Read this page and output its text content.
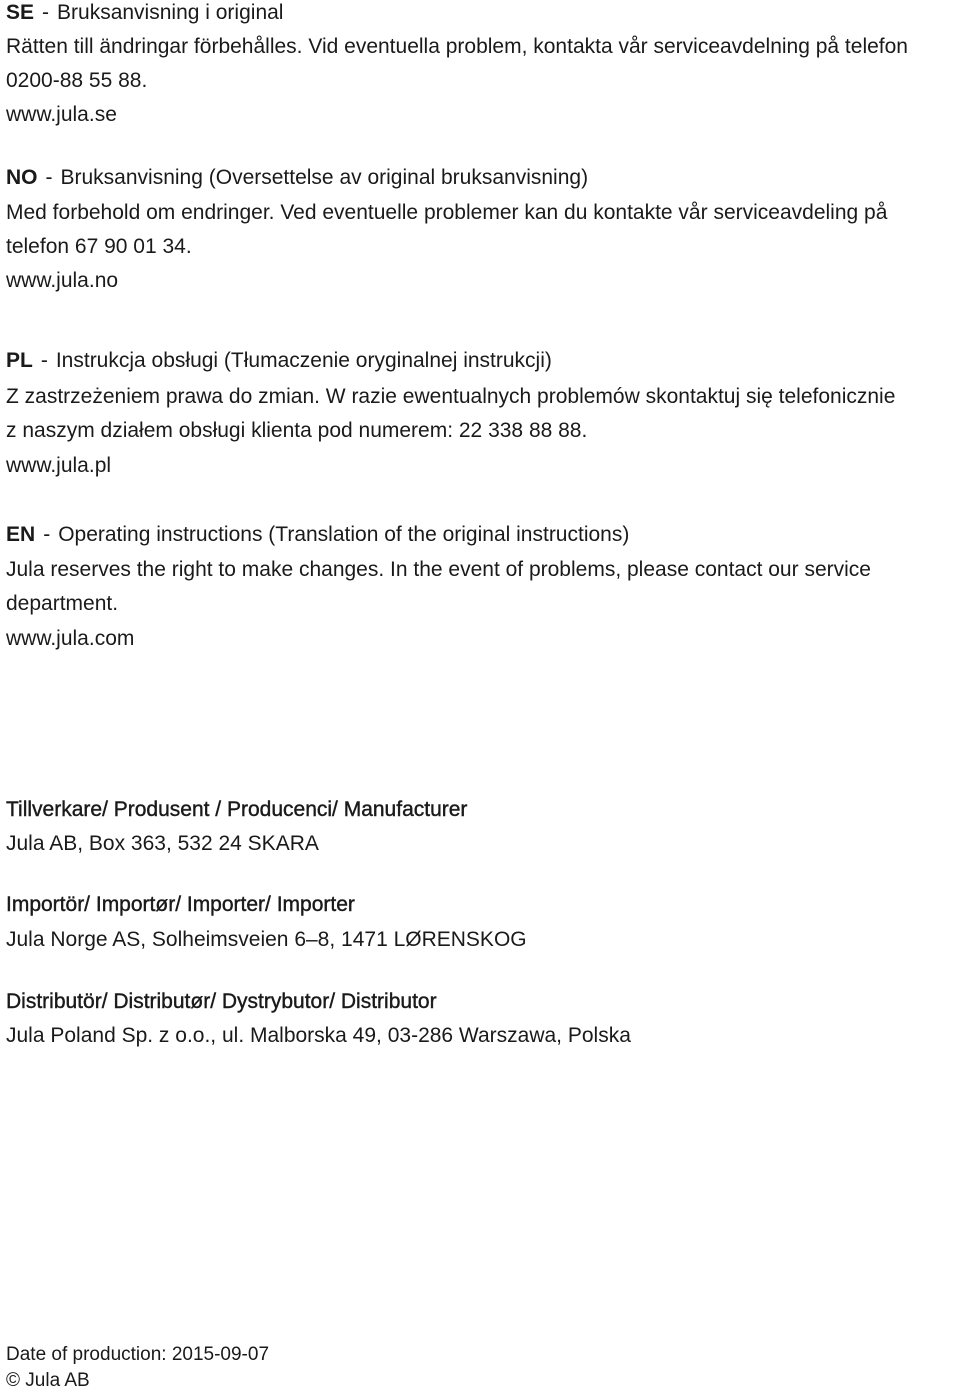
SE - Bruksanvisning i original
Rätten till ändringar förbehålles. Vid eventuella problem, kontakta vår serviceavdelning på telefon
0200-88 55 88.
www.jula.se
NO - Bruksanvisning (Oversettelse av original bruksanvisning)
Med forbehold om endringer. Ved eventuelle problemer kan du kontakte vår serviceavdeling på
telefon 67 90 01 34.
www.jula.no
PL - Instrukcja obsługi (Tłumaczenie oryginalnej instrukcji)
Z zastrzeżeniem prawa do zmian. W razie ewentualnych problemów skontaktuj się telefonicznie
z naszym działem obsługi klienta pod numerem: 22 338 88 88.
www.jula.pl
EN - Operating instructions (Translation of the original instructions)
Jula reserves the right to make changes. In the event of problems, please contact our service
department.
www.jula.com
Tillverkare/ Produsent / Producenci/ Manufacturer
Jula AB, Box 363, 532 24 SKARA
Importör/ Importør/ Importer/ Importer
Jula Norge AS, Solheimsveien 6–8, 1471 LØRENSKOG
Distributör/ Distributør/ Dystrybutor/ Distributor
Jula Poland Sp. z o.o., ul. Malborska 49, 03-286 Warszawa, Polska
Date of production: 2015-09-07
© Jula AB
